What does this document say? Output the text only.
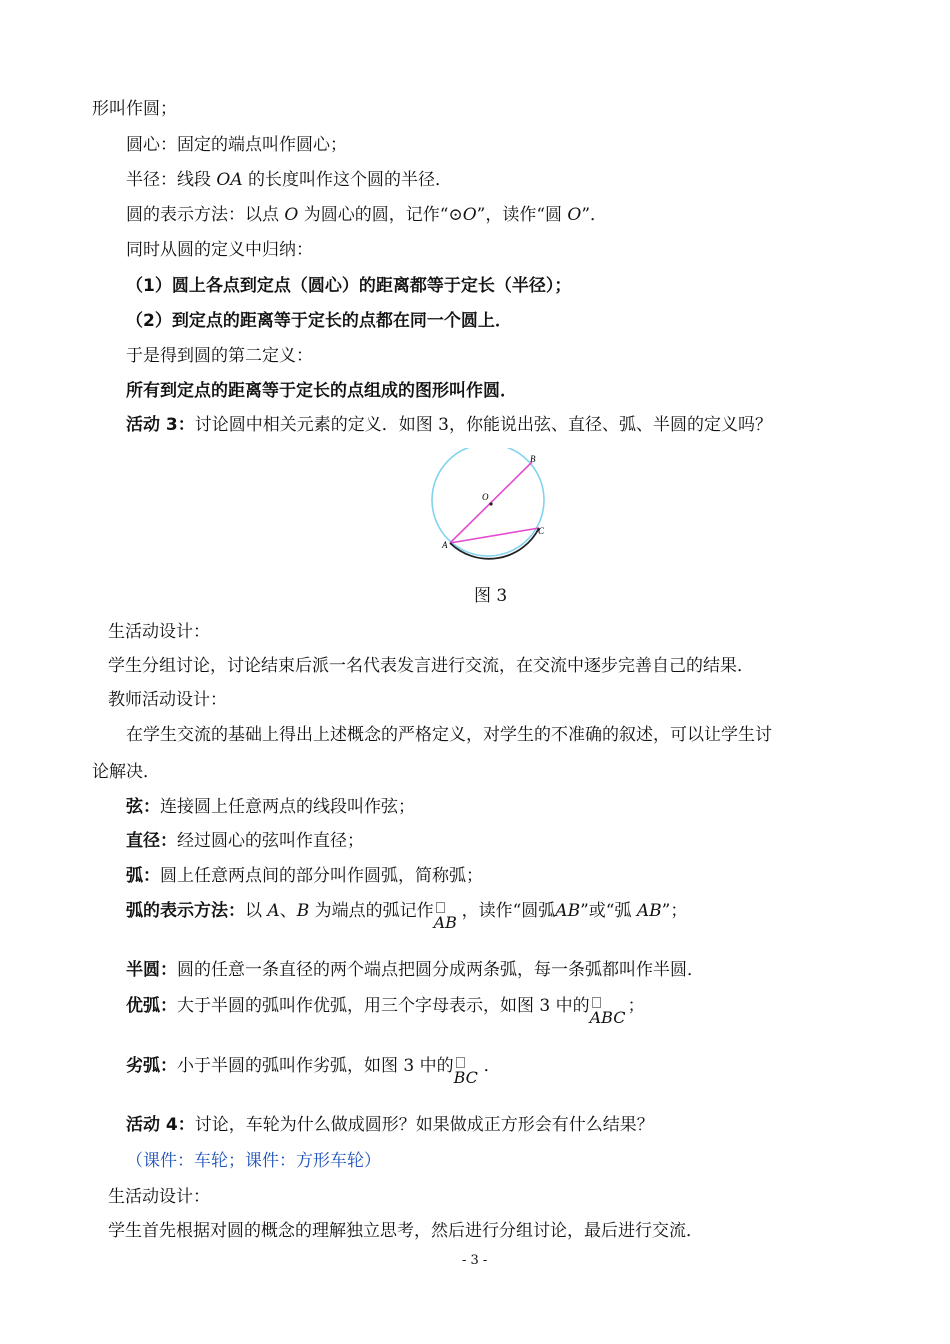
形叫作圆；
圆心：固定的端点叫作圆心；
半径：线段 OA 的长度叫作这个圆的半径．
圆的表示方法：以点 O 为圆心的圆，记作“⊙O”，读作“圆 O”．
同时从圆的定义中归纳：
（1）圆上各点到定点（圆心）的距离都等于定长（半径）；
（2）到定点的距离等于定长的点都在同一个圆上．
于是得到圆的第二定义：
所有到定点的距离等于定长的点组成的图形叫作圆．
活动 3：讨论圆中相关元素的定义．如图 3，你能说出弦、直径、弧、半圆的定义吗？
O
B
C
A
图 3
生活动设计：
学生分组讨论，讨论结束后派一名代表发言进行交流，在交流中逐步完善自己的结果．
教师活动设计：
在学生交流的基础上得出上述概念的严格定义，对学生的不准确的叙述，可以让学生讨
论解决．
弦：连接圆上任意两点的线段叫作弦；
直径：经过圆心的弦叫作直径；
弧：圆上任意两点间的部分叫作圆弧，简称弧；
弧的表示方法：以 A、B 为端点的弧记作
AB
，读作“圆弧AB”或“弧 AB”；
半圆：圆的任意一条直径的两个端点把圆分成两条弧，每一条弧都叫作半圆．
优弧：大于半圆的弧叫作优弧，用三个字母表示，如图 3 中的
ABC
；
劣弧：小于半圆的弧叫作劣弧，如图 3 中的
BC
．
活动 4：讨论，车轮为什么做成圆形？如果做成正方形会有什么结果？
（课件：车轮；课件：方形车轮）
生活动设计：
学生首先根据对圆的概念的理解独立思考，然后进行分组讨论，最后进行交流．
- 3 -
